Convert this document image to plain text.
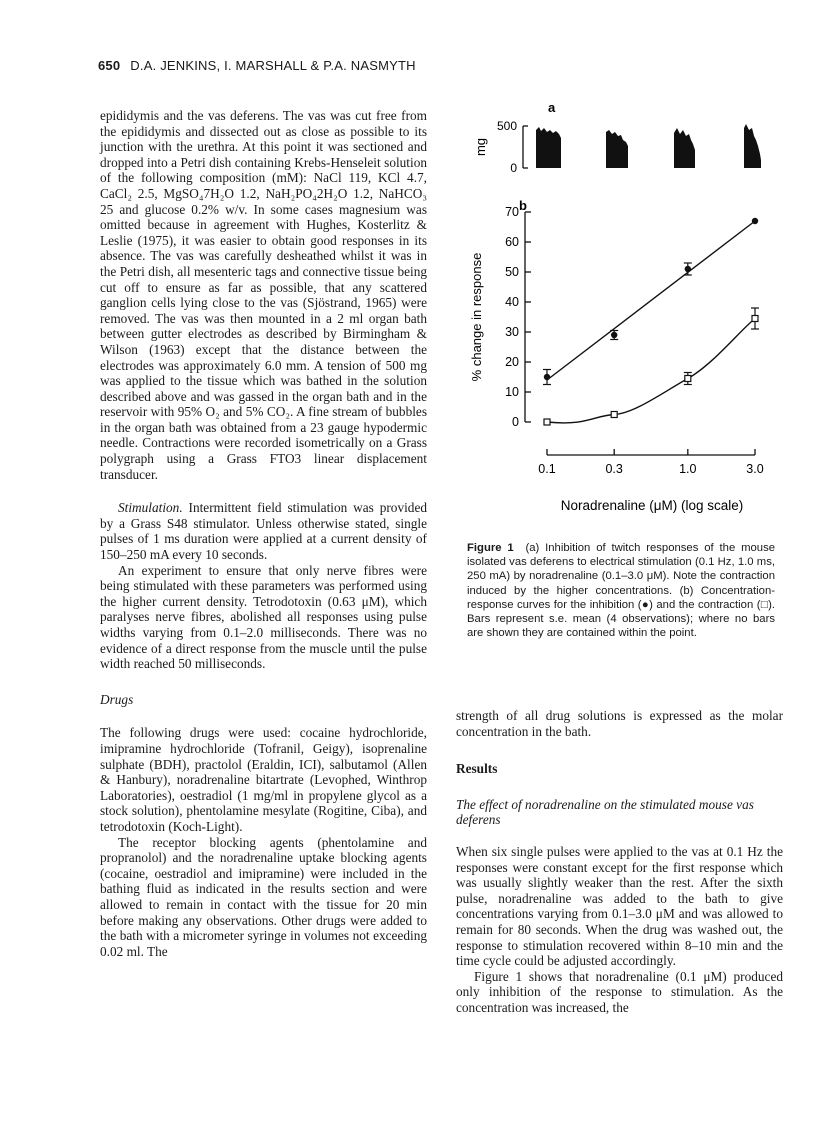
650 D.A. JENKINS, I. MARSHALL & P.A. NASMYTH

epididymis and the vas deferens. The vas was cut free from the epididymis and dissected out as close as possible to its junction with the urethra. At this point it was sectioned and dropped into a Petri dish containing Krebs-Henseleit solution of the following composition (mM): NaCl 119, KCl 4.7, CaCl₂ 2.5, MgSO₄7H₂O 1.2, NaH₂PO₄2H₂O 1.2, NaHCO₃ 25 and glucose 0.2% w/v. In some cases magnesium was omitted because in agreement with Hughes, Kosterlitz & Leslie (1975), it was easier to obtain good responses in its absence. The vas was carefully desheathed whilst it was in the Petri dish, all mesenteric tags and connective tissue being cut off to ensure as far as possible, that any scattered ganglion cells lying close to the vas (Sjöstrand, 1965) were removed. The vas was then mounted in a 2 ml organ bath between gutter electrodes as described by Birmingham & Wilson (1963) except that the distance between the electrodes was approximately 6.0 mm. A tension of 500 mg was applied to the tissue which was bathed in the solution described above and was gassed in the organ bath and in the reservoir with 95% O₂ and 5% CO₂. A fine stream of bubbles in the organ bath was obtained from a 23 gauge hypodermic needle. Contractions were recorded isometrically on a Grass polygraph using a Grass FTO3 linear displacement transducer.

Stimulation. Intermittent field stimulation was provided by a Grass S48 stimulator. Unless otherwise stated, single pulses of 1 ms duration were applied at a current density of 150–250 mA every 10 seconds.

An experiment to ensure that only nerve fibres were being stimulated with these parameters was performed using the higher current density. Tetrodotoxin (0.63 μM), which paralyses nerve fibres, abolished all responses using pulse widths varying from 0.1–2.0 milliseconds. There was no evidence of a direct response from the muscle until the pulse width reached 50 milliseconds.

Drugs

The following drugs were used: cocaine hydrochloride, imipramine hydrochloride (Tofranil, Geigy), isoprenaline sulphate (BDH), practolol (Eraldin, ICI), salbutamol (Allen & Hanbury), noradrenaline bitartrate (Levophed, Winthrop Laboratories), oestradiol (1 mg/ml in propylene glycol as a stock solution), phentolamine mesylate (Rogitine, Ciba), and tetrodotoxin (Koch-Light).

The receptor blocking agents (phentolamine and propranolol) and the noradrenaline uptake blocking agents (cocaine, oestradiol and imipramine) were included in the bathing fluid as indicated in the results section and were allowed to remain in contact with the tissue for 20 min before making any observations. Other drugs were added to the bath with a micrometer syringe in volumes not exceeding 0.02 ml. The

a
500
0
mg
b
0
10
20
30
40
50
60
70
0.1	0.3	1.0	3.0
% change in response
Noradrenaline (μM) (log scale)
Figure 1 (a) Inhibition of twitch responses of the mouse isolated vas deferens to electrical stimulation (0.1 Hz, 1.0 ms, 250 mA) by noradrenaline (0.1–3.0 μM). Note the contraction induced by the higher concentrations. (b) Concentration-response curves for the inhibition (●) and the contraction (□). Bars represent s.e. mean (4 observations); where no bars are shown they are contained within the point.

strength of all drug solutions is expressed as the molar concentration in the bath.

Results

The effect of noradrenaline on the stimulated mouse vas deferens

When six single pulses were applied to the vas at 0.1 Hz the responses were constant except for the first response which was usually slightly weaker than the rest. After the sixth pulse, noradrenaline was added to the bath to give concentrations varying from 0.1–3.0 μM and was allowed to remain for 80 seconds. When the drug was washed out, the response to stimulation recovered within 8–10 min and the time cycle could be adjusted accordingly.

Figure 1 shows that noradrenaline (0.1 μM) produced only inhibition of the response to stimulation. As the concentration was increased, the
